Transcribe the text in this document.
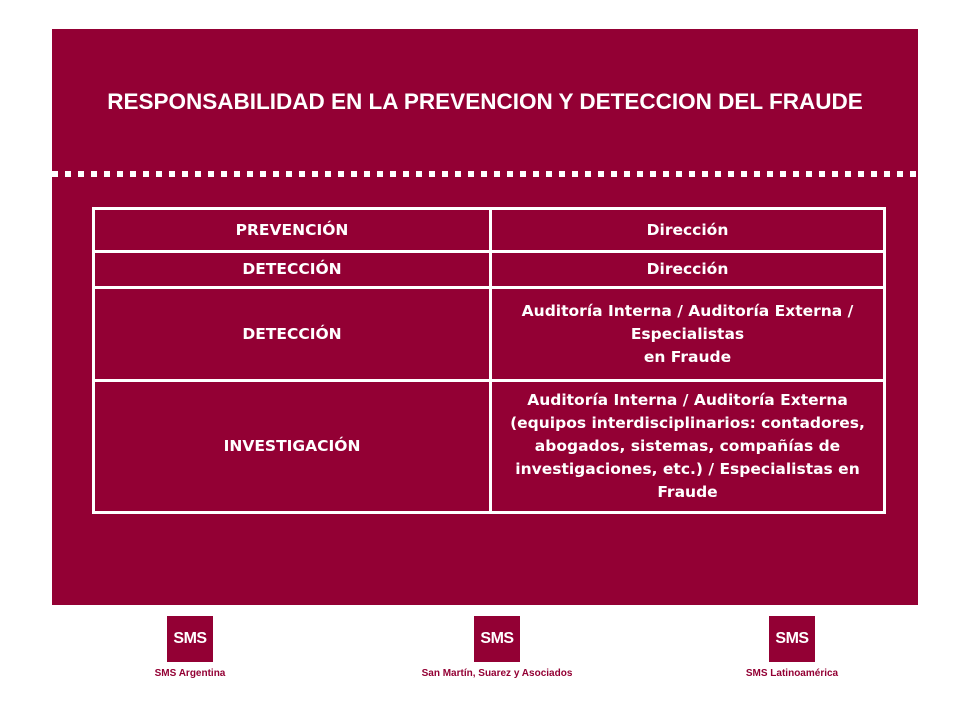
RESPONSABILIDAD EN LA PREVENCION Y DETECCION DEL FRAUDE
PREVENCIÓN	Dirección

DETECCIÓN	Dirección

DETECCIÓN	Auditoría Interna / Auditoría Externa / Especialistas
en Fraude

INVESTIGACIÓN	Auditoría Interna / Auditoría Externa (equipos interdisciplinarios: contadores, abogados, sistemas, compañías de investigaciones, etc.) / Especialistas en Fraude
SMS
SMS Argentina
SMS
San Martín, Suarez y Asociados
SMS
SMS Latinoamérica
